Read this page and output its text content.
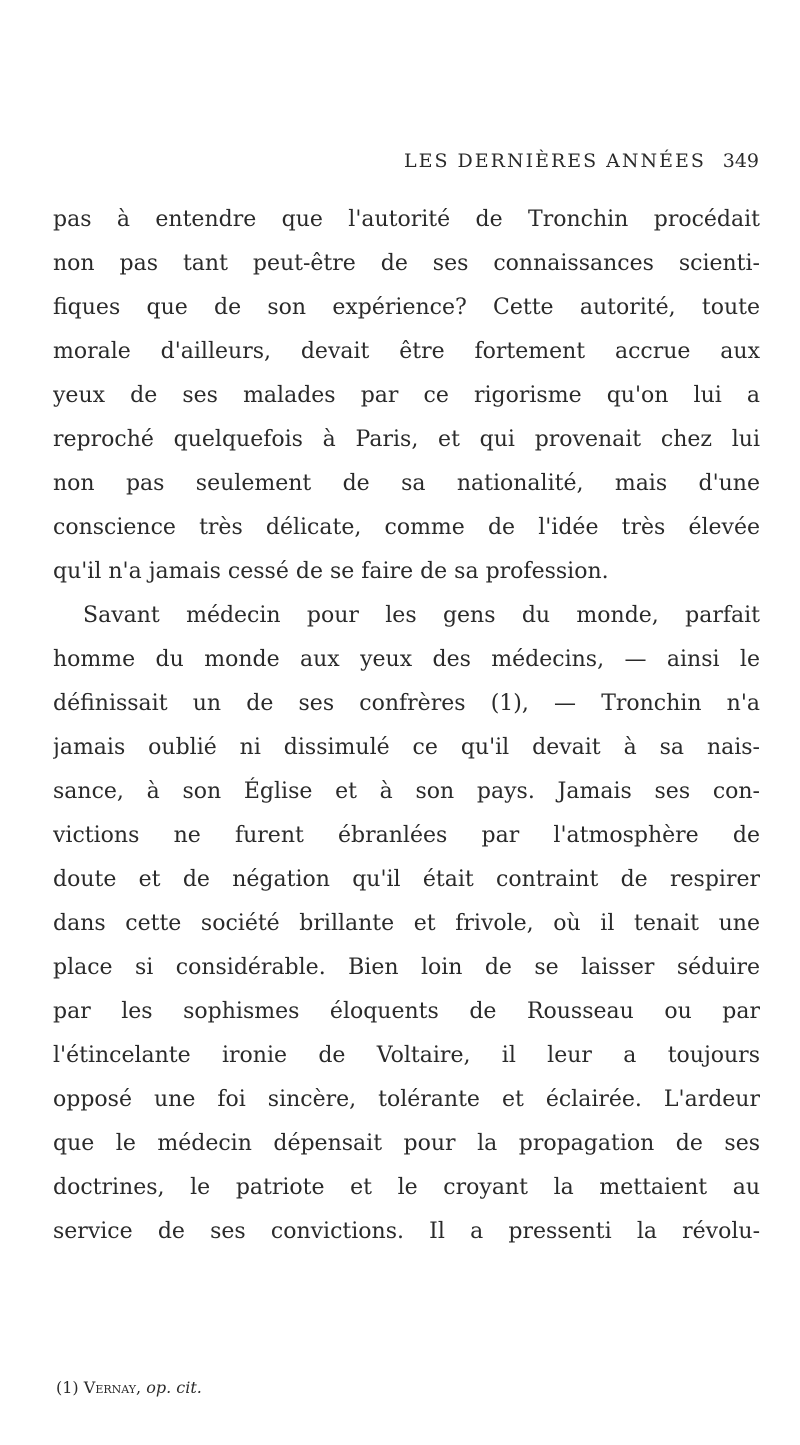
LES DERNIÈRES ANNÉES 349
pas à entendre que l'autorité de Tronchin procédait
non pas tant peut-être de ses connaissances scienti-
fiques que de son expérience? Cette autorité, toute
morale d'ailleurs, devait être fortement accrue aux
yeux de ses malades par ce rigorisme qu'on lui a
reproché quelquefois à Paris, et qui provenait chez lui
non pas seulement de sa nationalité, mais d'une
conscience très délicate, comme de l'idée très élevée
qu'il n'a jamais cessé de se faire de sa profession.
Savant médecin pour les gens du monde, parfait
homme du monde aux yeux des médecins, — ainsi le
définissait un de ses confrères (1), — Tronchin n'a
jamais oublié ni dissimulé ce qu'il devait à sa nais-
sance, à son Église et à son pays. Jamais ses con-
victions ne furent ébranlées par l'atmosphère de
doute et de négation qu'il était contraint de respirer
dans cette société brillante et frivole, où il tenait une
place si considérable. Bien loin de se laisser séduire
par les sophismes éloquents de Rousseau ou par
l'étincelante ironie de Voltaire, il leur a toujours
opposé une foi sincère, tolérante et éclairée. L'ardeur
que le médecin dépensait pour la propagation de ses
doctrines, le patriote et le croyant la mettaient au
service de ses convictions. Il a pressenti la révolu-
(1) Vernay, op. cit.
